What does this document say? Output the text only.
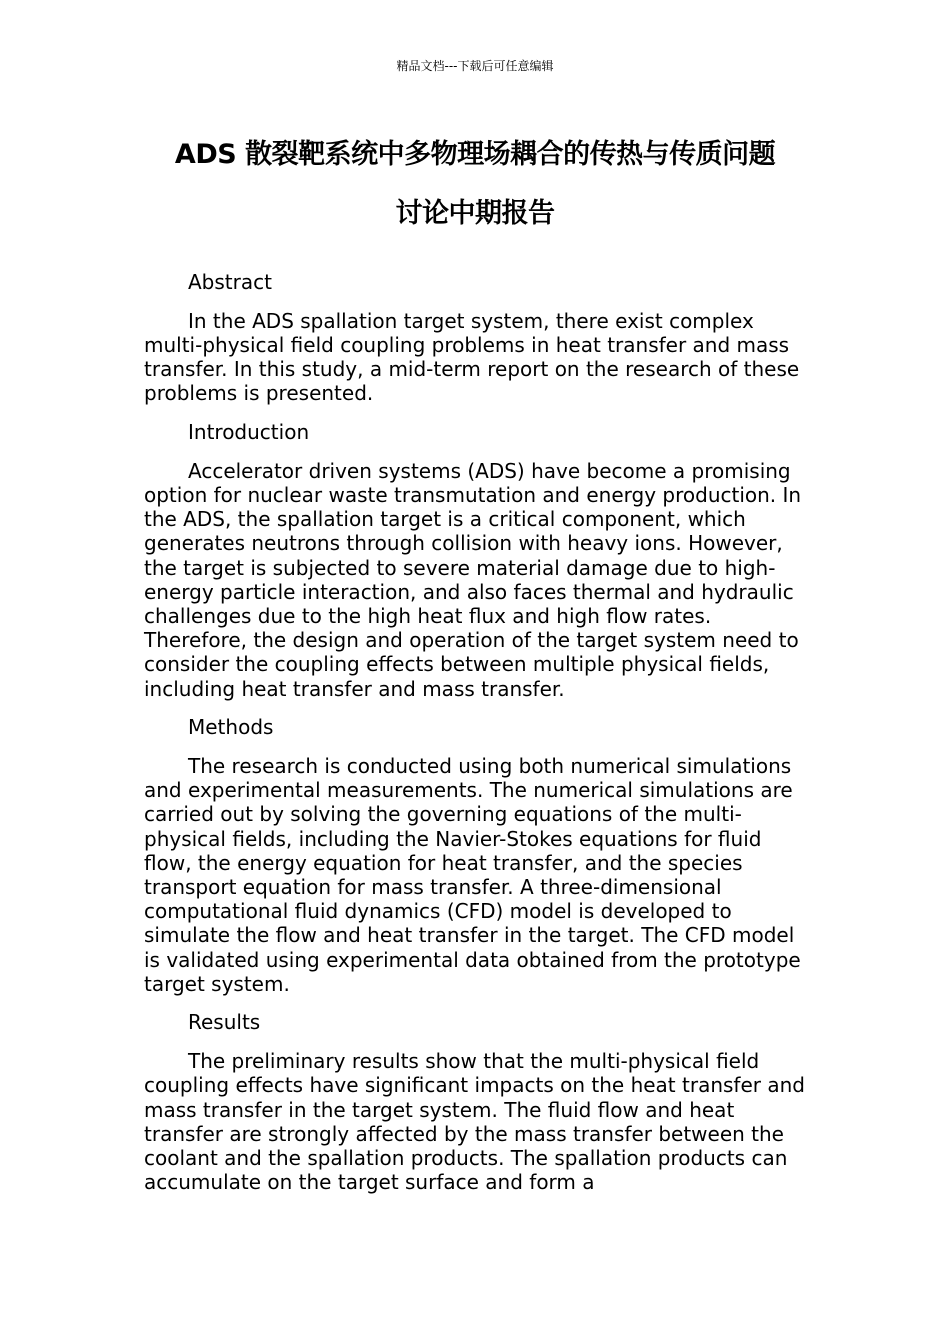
精品文档---下载后可任意编辑
ADS 散裂靶系统中多物理场耦合的传热与传质问题
讨论中期报告

Abstract

In the ADS spallation target system, there exist complex multi-physical field coupling problems in heat transfer and mass transfer. In this study, a mid-term report on the research of these problems is presented.

Introduction

Accelerator driven systems (ADS) have become a promising option for nuclear waste transmutation and energy production. In the ADS, the spallation target is a critical component, which generates neutrons through collision with heavy ions. However, the target is subjected to severe material damage due to high-energy particle interaction, and also faces thermal and hydraulic challenges due to the high heat flux and high flow rates. Therefore, the design and operation of the target system need to consider the coupling effects between multiple physical fields, including heat transfer and mass transfer.

Methods

The research is conducted using both numerical simulations and experimental measurements. The numerical simulations are carried out by solving the governing equations of the multi-physical fields, including the Navier-Stokes equations for fluid flow, the energy equation for heat transfer, and the species transport equation for mass transfer. A three-dimensional computational fluid dynamics (CFD) model is developed to simulate the flow and heat transfer in the target. The CFD model is validated using experimental data obtained from the prototype target system.

Results

The preliminary results show that the multi-physical field coupling effects have significant impacts on the heat transfer and mass transfer in the target system. The fluid flow and heat transfer are strongly affected by the mass transfer between the coolant and the spallation products. The spallation products can accumulate on the target surface and form a
